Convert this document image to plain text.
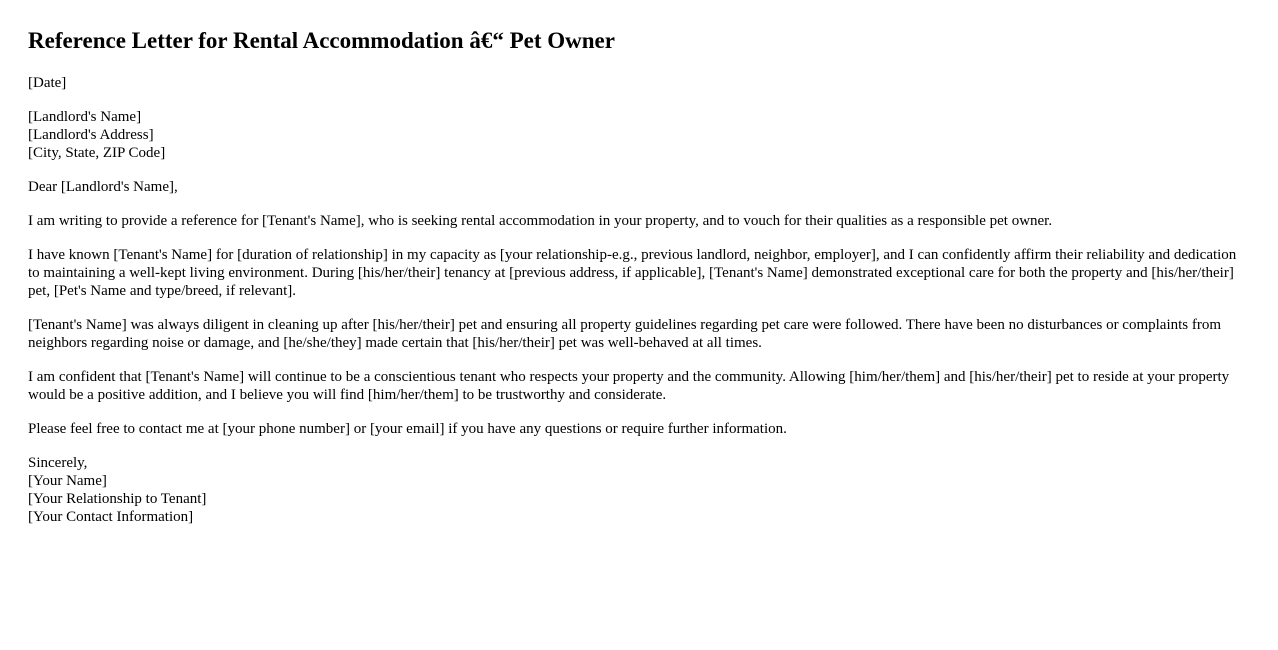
Reference Letter for Rental Accommodation â€“ Pet Owner

[Date]

[Landlord's Name]
[Landlord's Address]
[City, State, ZIP Code]

Dear [Landlord's Name],

I am writing to provide a reference for [Tenant's Name], who is seeking rental accommodation in your property, and to vouch for their qualities as a responsible pet owner.

I have known [Tenant's Name] for [duration of relationship] in my capacity as [your relationship-e.g., previous landlord, neighbor, employer], and I can confidently affirm their reliability and dedication to maintaining a well-kept living environment. During [his/her/their] tenancy at [previous address, if applicable], [Tenant's Name] demonstrated exceptional care for both the property and [his/her/their] pet, [Pet's Name and type/breed, if relevant].

[Tenant's Name] was always diligent in cleaning up after [his/her/their] pet and ensuring all property guidelines regarding pet care were followed. There have been no disturbances or complaints from neighbors regarding noise or damage, and [he/she/they] made certain that [his/her/their] pet was well-behaved at all times.

I am confident that [Tenant's Name] will continue to be a conscientious tenant who respects your property and the community. Allowing [him/her/them] and [his/her/their] pet to reside at your property would be a positive addition, and I believe you will find [him/her/them] to be trustworthy and considerate.

Please feel free to contact me at [your phone number] or [your email] if you have any questions or require further information.

Sincerely,
[Your Name]
[Your Relationship to Tenant]
[Your Contact Information]
